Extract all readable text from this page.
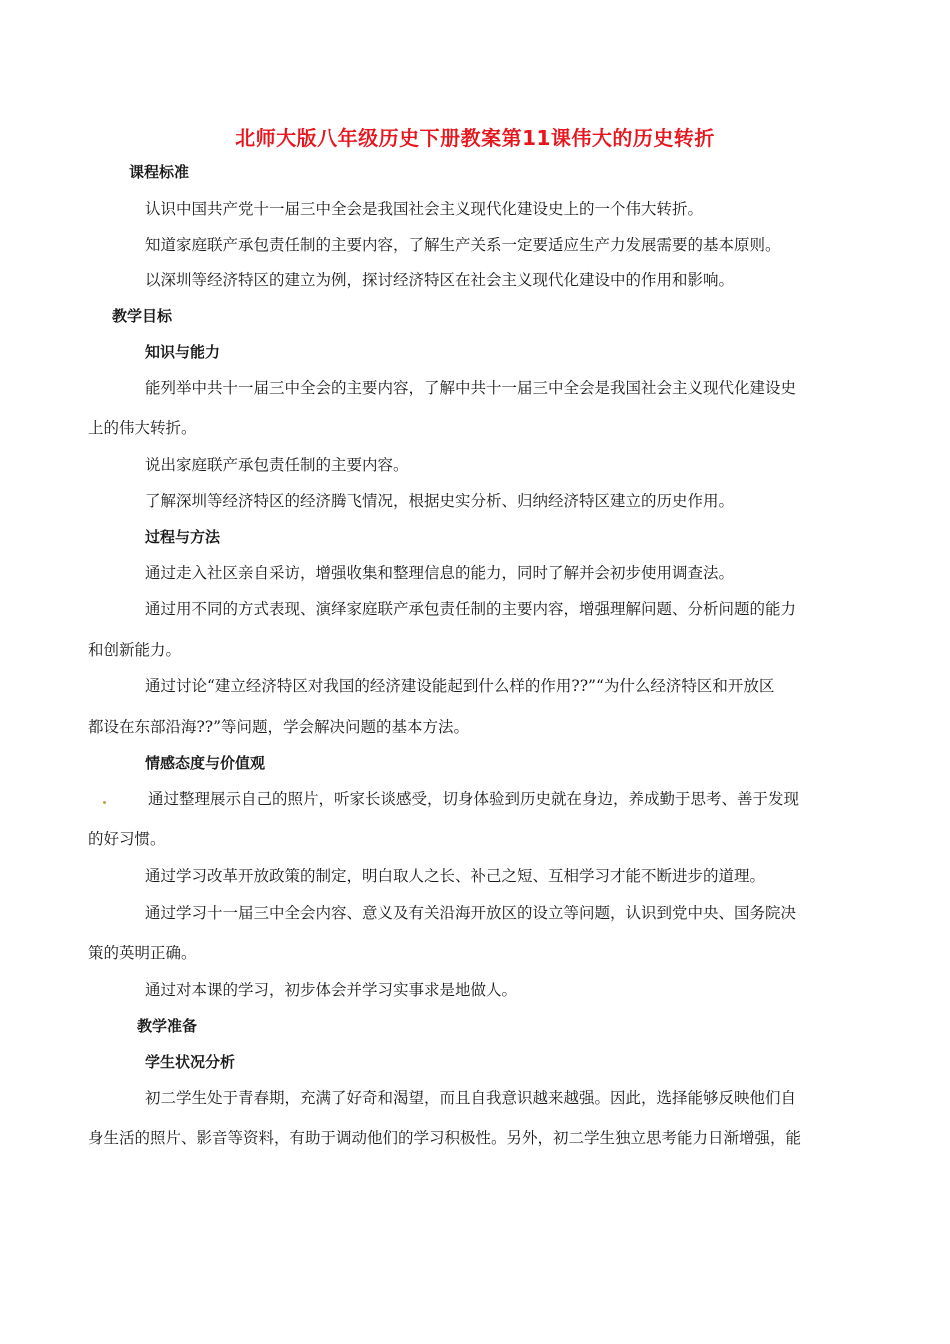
北师大版八年级历史下册教案第11课伟大的历史转折
课程标准
认识中国共产党十一届三中全会是我国社会主义现代化建设史上的一个伟大转折。
知道家庭联产承包责任制的主要内容，了解生产关系一定要适应生产力发展需要的基本原则。
以深圳等经济特区的建立为例，探讨经济特区在社会主义现代化建设中的作用和影响。
教学目标
知识与能力
能列举中共十一届三中全会的主要内容，了解中共十一届三中全会是我国社会主义现代化建设史
上的伟大转折。
说出家庭联产承包责任制的主要内容。
了解深圳等经济特区的经济腾飞情况，根据史实分析、归纳经济特区建立的历史作用。
过程与方法
通过走入社区亲自采访，增强收集和整理信息的能力，同时了解并会初步使用调查法。
通过用不同的方式表现、演绎家庭联产承包责任制的主要内容，增强理解问题、分析问题的能力
和创新能力。
通过讨论“建立经济特区对我国的经济建设能起到什么样的作用??”“为什么经济特区和开放区
都设在东部沿海??”等问题，学会解决问题的基本方法。
情感态度与价值观
通过整理展示自己的照片，听家长谈感受，切身体验到历史就在身边，养成勤于思考、善于发现
的好习惯。
通过学习改革开放政策的制定，明白取人之长、补己之短、互相学习才能不断进步的道理。
通过学习十一届三中全会内容、意义及有关沿海开放区的设立等问题，认识到党中央、国务院决
策的英明正确。
通过对本课的学习，初步体会并学习实事求是地做人。
教学准备
学生状况分析
初二学生处于青春期，充满了好奇和渴望，而且自我意识越来越强。因此，选择能够反映他们自
身生活的照片、影音等资料，有助于调动他们的学习积极性。另外，初二学生独立思考能力日渐增强，能
